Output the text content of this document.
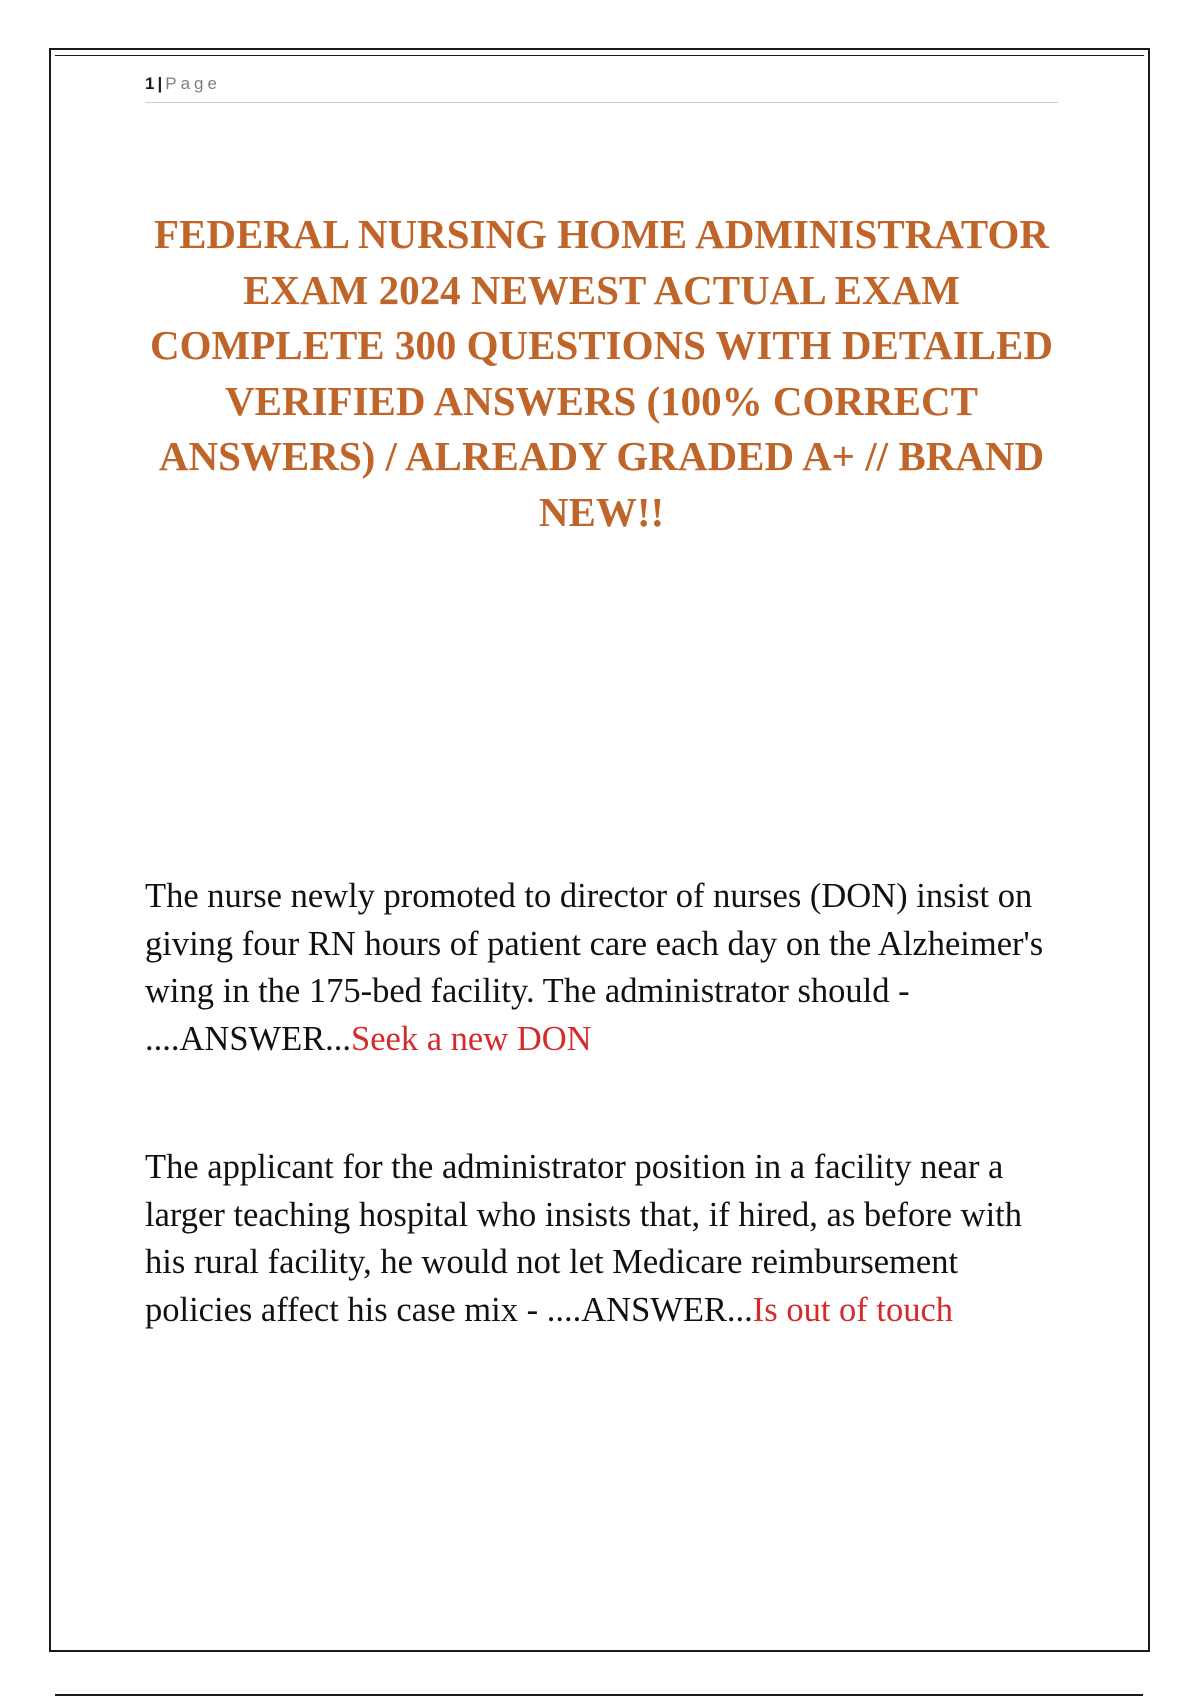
1 | Page
FEDERAL NURSING HOME ADMINISTRATOR EXAM 2024 NEWEST ACTUAL EXAM COMPLETE 300 QUESTIONS WITH DETAILED VERIFIED ANSWERS (100% CORRECT ANSWERS) / ALREADY GRADED A+ // BRAND NEW!!

The nurse newly promoted to director of nurses (DON) insist on giving four RN hours of patient care each day on the Alzheimer's wing in the 175-bed facility. The administrator should - ....ANSWER...Seek a new DON

The applicant for the administrator position in a facility near a larger teaching hospital who insists that, if hired, as before with his rural facility, he would not let Medicare reimbursement policies affect his case mix - ....ANSWER...Is out of touch
